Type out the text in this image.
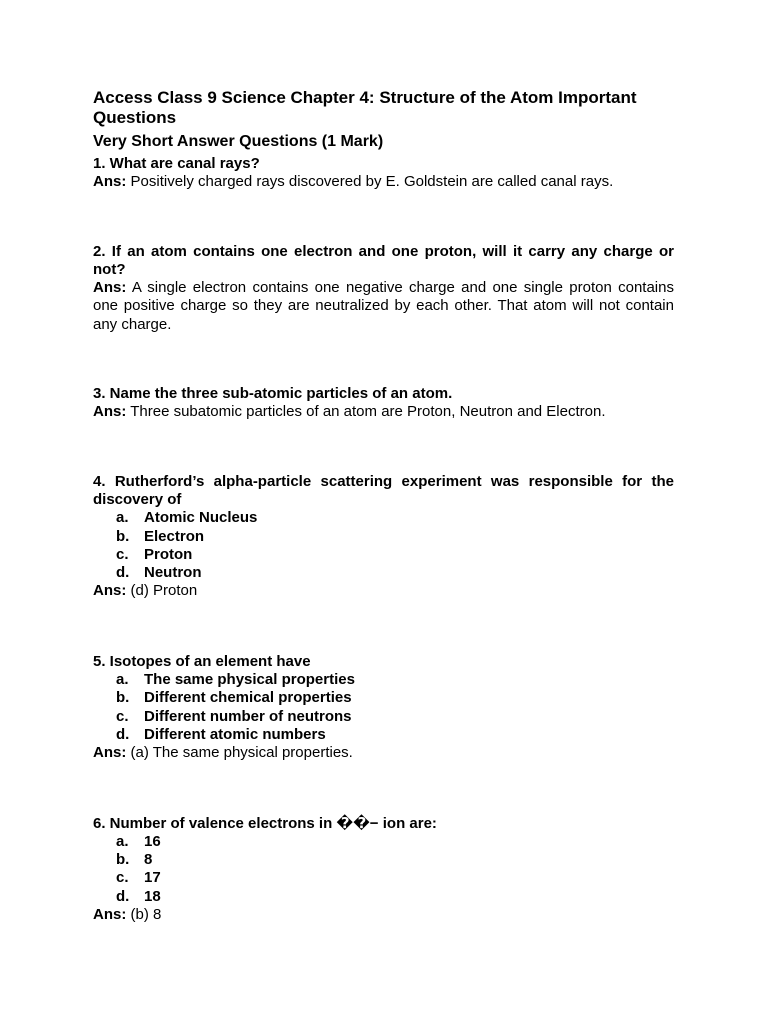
Access Class 9 Science Chapter 4: Structure of the Atom Important Questions
Very Short Answer Questions (1 Mark)

1. What are canal rays?

Ans: Positively charged rays discovered by E. Goldstein are called canal rays.

2. If an atom contains one electron and one proton, will it carry any charge or not?

Ans: A single electron contains one negative charge and one single proton contains one positive charge so they are neutralized by each other. That atom will not contain any charge.

3. Name the three sub-atomic particles of an atom.

Ans: Three subatomic particles of an atom are Proton, Neutron and Electron.

4. Rutherford’s alpha-particle scattering experiment was responsible for the discovery of

a. Atomic Nucleus
b. Electron
c. Proton
d. Neutron

Ans: (d) Proton

5. Isotopes of an element have

a. The same physical properties
b. Different chemical properties
c. Different number of neutrons
d. Different atomic numbers

Ans: (a) The same physical properties.

6. Number of valence electrons in ��− ion are:

a. 16
b. 8
c. 17
d. 18

Ans: (b) 8
